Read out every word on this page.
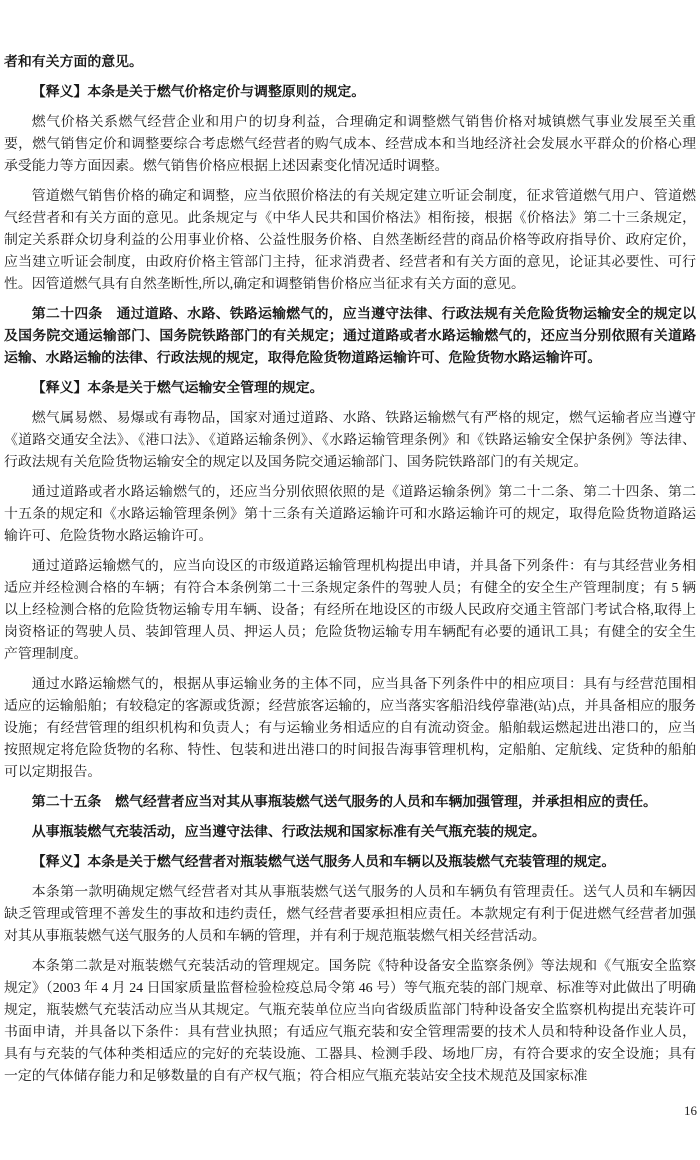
者和有关方面的意见。

【释义】本条是关于燃气价格定价与调整原则的规定。

燃气价格关系燃气经营企业和用户的切身利益，合理确定和调整燃气销售价格对城镇燃气事业发展至关重要，燃气销售定价和调整要综合考虑燃气经营者的购气成本、经营成本和当地经济社会发展水平群众的价格心理承受能力等方面因素。燃气销售价格应根据上述因素变化情况适时调整。

管道燃气销售价格的确定和调整，应当依照价格法的有关规定建立听证会制度，征求管道燃气用户、管道燃气经营者和有关方面的意见。此条规定与《中华人民共和国价格法》相衔接，根据《价格法》第二十三条规定，制定关系群众切身利益的公用事业价格、公益性服务价格、自然垄断经营的商品价格等政府指导价、政府定价，应当建立听证会制度，由政府价格主管部门主持，征求消费者、经营者和有关方面的意见，论证其必要性、可行性。因管道燃气具有自然垄断性,所以,确定和调整销售价格应当征求有关方面的意见。

第二十四条　通过道路、水路、铁路运输燃气的，应当遵守法律、行政法规有关危险货物运输安全的规定以及国务院交通运输部门、国务院铁路部门的有关规定；通过道路或者水路运输燃气的，还应当分别依照有关道路运输、水路运输的法律、行政法规的规定，取得危险货物道路运输许可、危险货物水路运输许可。

【释义】本条是关于燃气运输安全管理的规定。

燃气属易燃、易爆或有毒物品，国家对通过道路、水路、铁路运输燃气有严格的规定，燃气运输者应当遵守《道路交通安全法》、《港口法》、《道路运输条例》、《水路运输管理条例》和《铁路运输安全保护条例》等法律、行政法规有关危险货物运输安全的规定以及国务院交通运输部门、国务院铁路部门的有关规定。

通过道路或者水路运输燃气的，还应当分别依照依照的是《道路运输条例》第二十二条、第二十四条、第二十五条的规定和《水路运输管理条例》第十三条有关道路运输许可和水路运输许可的规定，取得危险货物道路运输许可、危险货物水路运输许可。

通过道路运输燃气的，应当向设区的市级道路运输管理机构提出申请，并具备下列条件：有与其经营业务相适应并经检测合格的车辆；有符合本条例第二十三条规定条件的驾驶人员；有健全的安全生产管理制度；有 5 辆以上经检测合格的危险货物运输专用车辆、设备；有经所在地设区的市级人民政府交通主管部门考试合格,取得上岗资格证的驾驶人员、装卸管理人员、押运人员；危险货物运输专用车辆配有必要的通讯工具；有健全的安全生产管理制度。

通过水路运输燃气的，根据从事运输业务的主体不同，应当具备下列条件中的相应项目：具有与经营范围相适应的运输船舶；有较稳定的客源或货源；经营旅客运输的，应当落实客船沿线停靠港(站)点，并具备相应的服务设施；有经营管理的组织机构和负责人；有与运输业务相适应的自有流动资金。船舶载运燃起进出港口的，应当按照规定将危险货物的名称、特性、包装和进出港口的时间报告海事管理机构，定船舶、定航线、定货种的船舶可以定期报告。

第二十五条　燃气经营者应当对其从事瓶装燃气送气服务的人员和车辆加强管理，并承担相应的责任。

从事瓶装燃气充装活动，应当遵守法律、行政法规和国家标准有关气瓶充装的规定。

【释义】本条是关于燃气经营者对瓶装燃气送气服务人员和车辆以及瓶装燃气充装管理的规定。

本条第一款明确规定燃气经营者对其从事瓶装燃气送气服务的人员和车辆负有管理责任。送气人员和车辆因缺乏管理或管理不善发生的事故和违约责任，燃气经营者要承担相应责任。本款规定有利于促进燃气经营者加强对其从事瓶装燃气送气服务的人员和车辆的管理，并有利于规范瓶装燃气相关经营活动。

本条第二款是对瓶装燃气充装活动的管理规定。国务院《特种设备安全监察条例》等法规和《气瓶安全监察规定》（2003 年 4 月 24 日国家质量监督检验检疫总局令第 46 号）等气瓶充装的部门规章、标准等对此做出了明确规定，瓶装燃气充装活动应当从其规定。气瓶充装单位应当向省级质监部门特种设备安全监察机构提出充装许可书面申请，并具备以下条件：具有营业执照；有适应气瓶充装和安全管理需要的技术人员和特种设备作业人员，具有与充装的气体种类相适应的完好的充装设施、工器具、检测手段、场地厂房，有符合要求的安全设施；具有一定的气体储存能力和足够数量的自有产权气瓶；符合相应气瓶充装站安全技术规范及国家标准

16
